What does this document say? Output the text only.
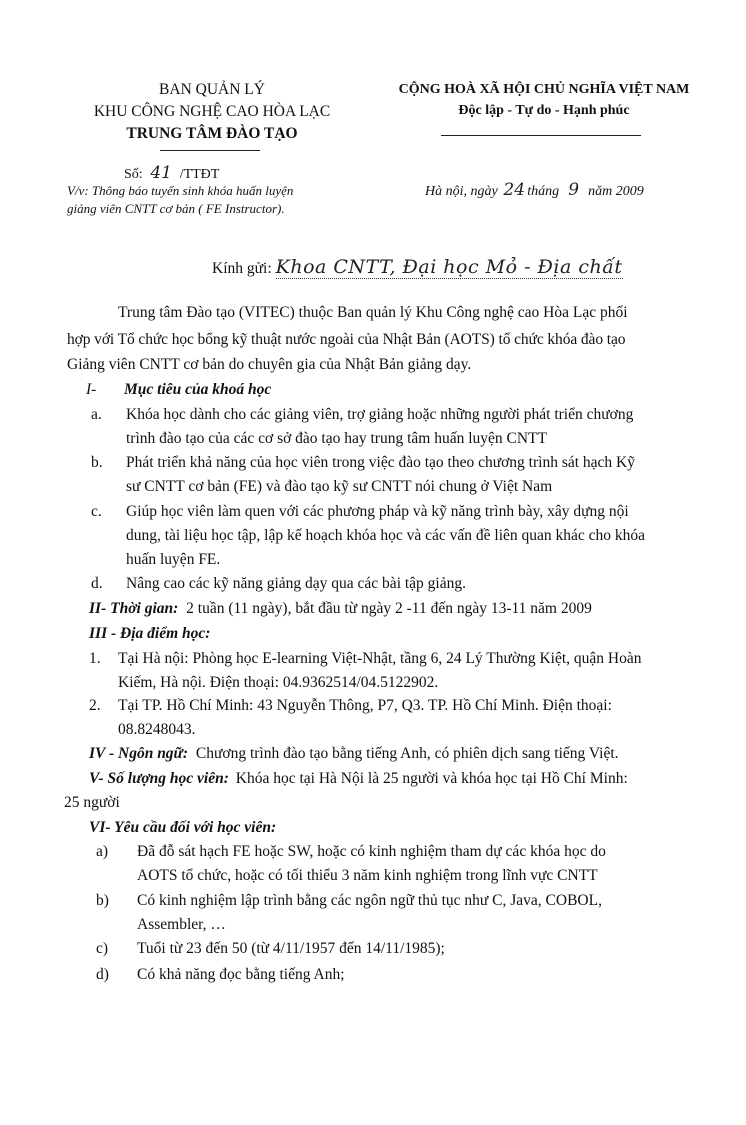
BAN QUẢN LÝ
KHU CÔNG NGHỆ CAO HÒA LẠC
TRUNG TÂM ĐÀO TẠO
CỘNG HOÀ XÃ HỘI CHỦ NGHĨA VIỆT NAM
Độc lập - Tự do - Hạnh phúc
Số: 41 /TTĐT
V/v: Thông báo tuyển sinh khóa huấn luyện
giảng viên CNTT cơ bản ( FE Instructor).
Hà nội, ngày 24 tháng 9 năm 2009
Kính gửi: Khoa CNTT, Đại học Mỏ - Địa chất
Trung tâm Đào tạo (VITEC) thuộc Ban quản lý Khu Công nghệ cao Hòa Lạc phối
hợp với Tổ chức học bổng kỹ thuật nước ngoài của Nhật Bản (AOTS) tổ chức khóa đào tạo
Giảng viên CNTT cơ bản do chuyên gia của Nhật Bản giảng dạy.
I- Mục tiêu của khoá học
a. Khóa học dành cho các giảng viên, trợ giảng hoặc những người phát triển chương
trình đào tạo của các cơ sở đào tạo hay trung tâm huấn luyện CNTT
b. Phát triển khả năng của học viên trong việc đào tạo theo chương trình sát hạch Kỹ
sư CNTT cơ bản (FE) và đào tạo kỹ sư CNTT nói chung ở Việt Nam
c. Giúp học viên làm quen với các phương pháp và kỹ năng trình bày, xây dựng nội
dung, tài liệu học tập, lập kế hoạch khóa học và các vấn đề liên quan khác cho khóa
huấn luyện FE.
d. Nâng cao các kỹ năng giảng dạy qua các bài tập giảng.
II- Thời gian: 2 tuần (11 ngày), bắt đầu từ ngày 2 -11 đến ngày 13-11 năm 2009
III - Địa điểm học:
1. Tại Hà nội: Phòng học E-learning Việt-Nhật, tầng 6, 24 Lý Thường Kiệt, quận Hoàn
Kiếm, Hà nội. Điện thoại: 04.9362514/04.5122902.
2. Tại TP. Hồ Chí Minh: 43 Nguyễn Thông, P7, Q3. TP. Hồ Chí Minh. Điện thoại:
08.8248043.
IV - Ngôn ngữ: Chương trình đào tạo bằng tiếng Anh, có phiên dịch sang tiếng Việt.
V- Số lượng học viên: Khóa học tại Hà Nội là 25 người và khóa học tại Hồ Chí Minh:
25 người
VI- Yêu cầu đối với học viên:
a) Đã đỗ sát hạch FE hoặc SW, hoặc có kinh nghiệm tham dự các khóa học do
AOTS tổ chức, hoặc có tối thiểu 3 năm kinh nghiệm trong lĩnh vực CNTT
b) Có kinh nghiệm lập trình bằng các ngôn ngữ thủ tục như C, Java, COBOL,
Assembler, …
c) Tuổi từ 23 đến 50 (từ 4/11/1957 đến 14/11/1985);
d) Có khả năng đọc bằng tiếng Anh;
